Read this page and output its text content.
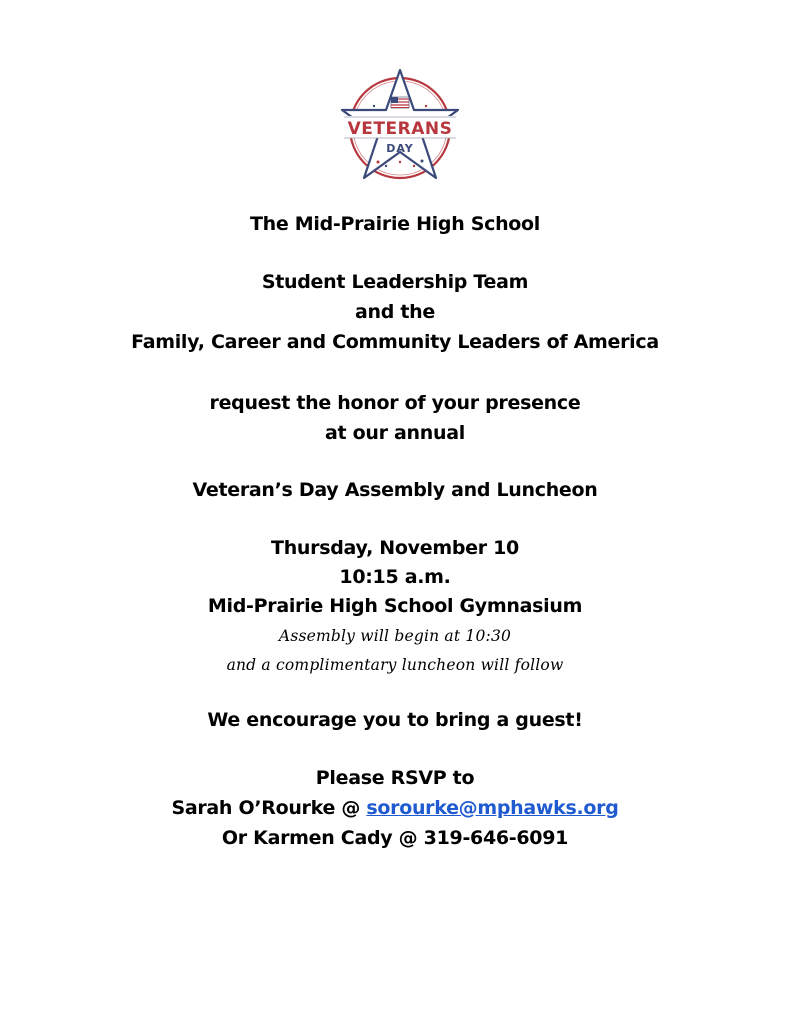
VETERANS
DAY
The Mid-Prairie High School
Student Leadership Team
and the
Family, Career and Community Leaders of America
request the honor of your presence
at our annual
Veteran’s Day Assembly and Luncheon
Thursday, November 10
10:15 a.m.
Mid-Prairie High School Gymnasium
Assembly will begin at 10:30
and a complimentary luncheon will follow
We encourage you to bring a guest!
Please RSVP to
Sarah O’Rourke @ sorourke@mphawks.org
Or Karmen Cady @ 319-646-6091
